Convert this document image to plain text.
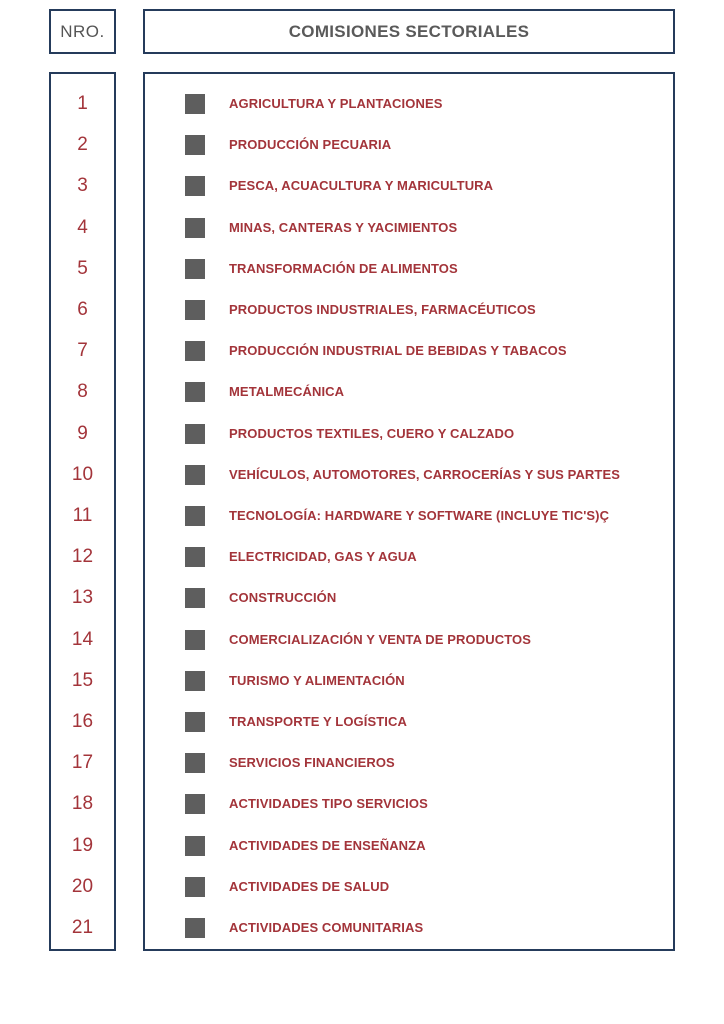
NRO.	COMISIONES SECTORIALES
1
2
3
4
5
6
7
8
9
10
11
12
13
14
15
16
17
18
19
20
21
AGRICULTURA Y PLANTACIONES
PRODUCCIÓN PECUARIA
PESCA, ACUACULTURA Y MARICULTURA
MINAS, CANTERAS Y YACIMIENTOS
TRANSFORMACIÓN DE ALIMENTOS
PRODUCTOS INDUSTRIALES, FARMACÉUTICOS
PRODUCCIÓN INDUSTRIAL DE BEBIDAS Y TABACOS
METALMECÁNICA
PRODUCTOS TEXTILES, CUERO Y CALZADO
VEHÍCULOS, AUTOMOTORES, CARROCERÍAS Y SUS PARTES
TECNOLOGÍA: HARDWARE Y SOFTWARE (INCLUYE TIC'S)Ç
ELECTRICIDAD, GAS Y AGUA
CONSTRUCCIÓN
COMERCIALIZACIÓN Y VENTA DE PRODUCTOS
TURISMO Y ALIMENTACIÓN
TRANSPORTE Y LOGÍSTICA
SERVICIOS FINANCIEROS
ACTIVIDADES TIPO SERVICIOS
ACTIVIDADES DE ENSEÑANZA
ACTIVIDADES DE SALUD
ACTIVIDADES COMUNITARIAS
